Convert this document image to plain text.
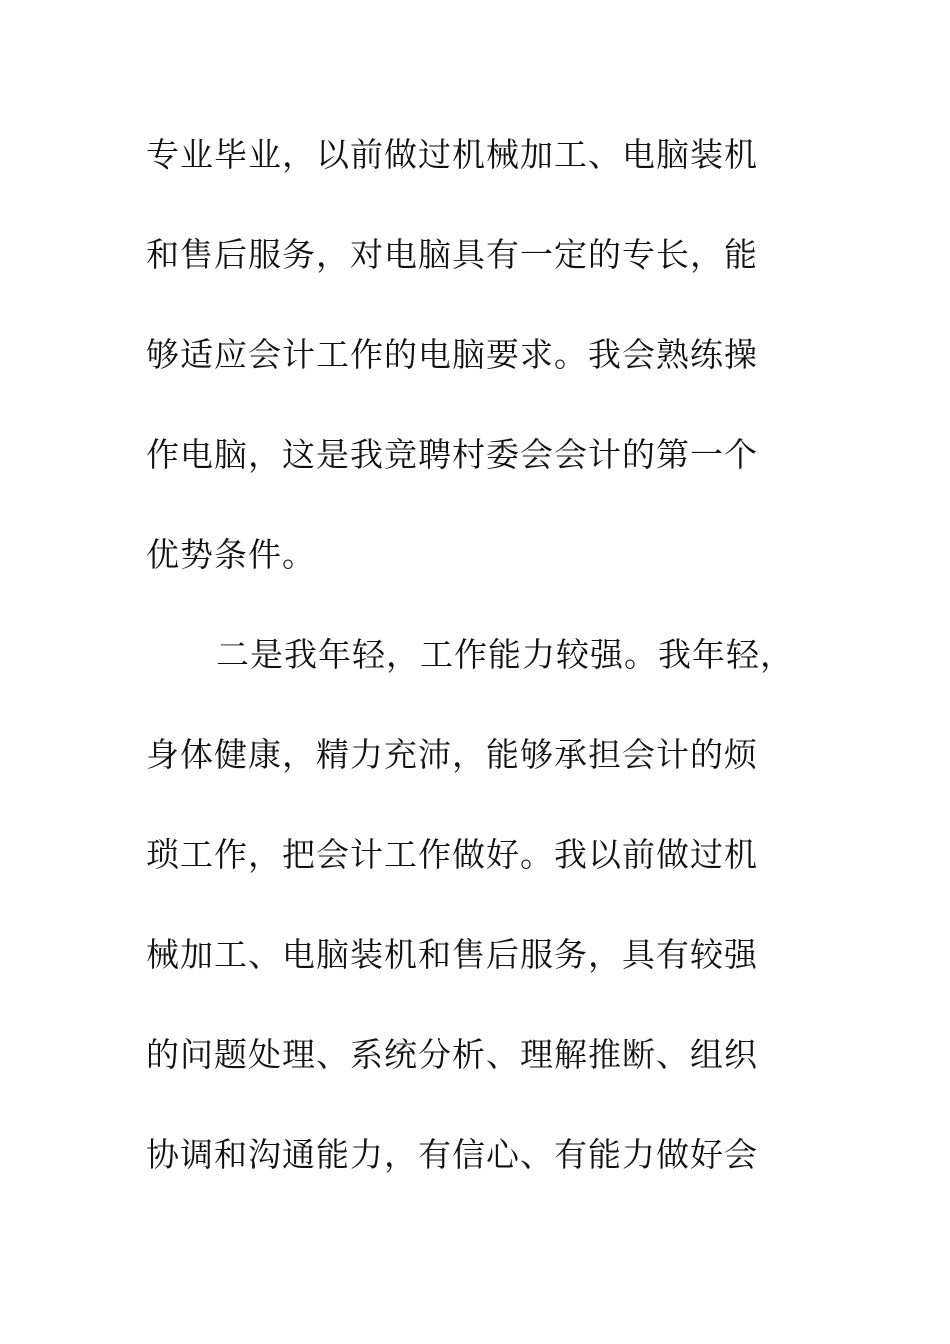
专业毕业，以前做过机械加工、电脑装机
和售后服务，对电脑具有一定的专长，能
够适应会计工作的电脑要求。我会熟练操
作电脑，这是我竞聘村委会会计的第一个
优势条件。
二是我年轻，工作能力较强。我年轻，
身体健康，精力充沛，能够承担会计的烦
琐工作，把会计工作做好。我以前做过机
械加工、电脑装机和售后服务，具有较强
的问题处理、系统分析、理解推断、组织
协调和沟通能力，有信心、有能力做好会
